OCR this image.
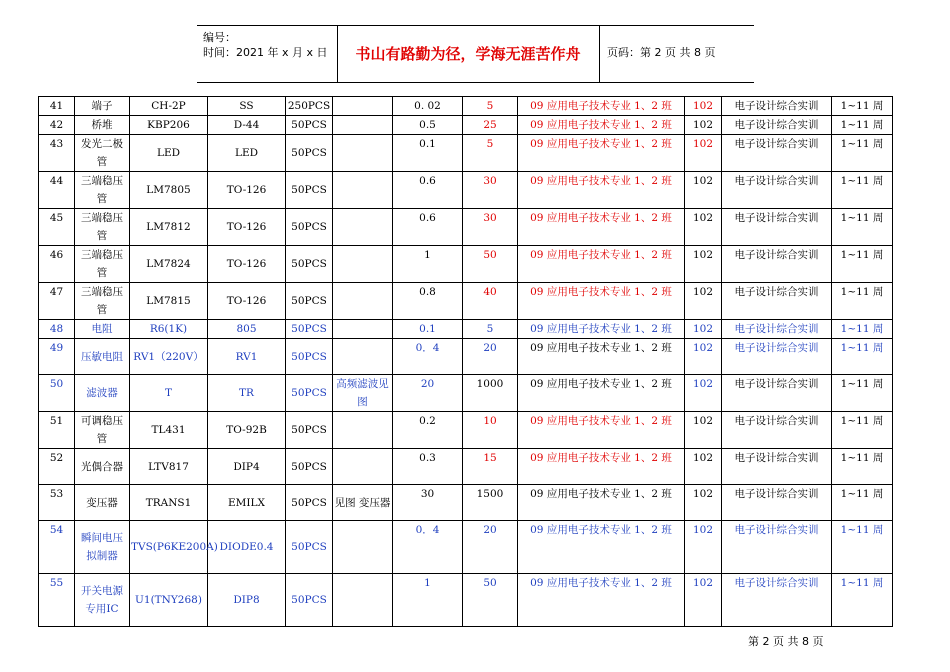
编号：
时间：2021 年 x 月 x 日	书山有路勤为径，学海无涯苦作舟	页码：第 2 页 共 8 页
41	端子	CH-2P	SS	250PCS		0. 02	5	09 应用电子技术专业 1、2 班	102	电子设计综合实训	1~11 周
42	桥堆	KBP206	D-44	50PCS		0.5	25	09 应用电子技术专业 1、2 班	102	电子设计综合实训	1~11 周
43	发光二极管	LED	LED	50PCS		0.1	5	09 应用电子技术专业 1、2 班	102	电子设计综合实训	1~11 周
44	三端稳压管	LM7805	TO-126	50PCS		0.6	30	09 应用电子技术专业 1、2 班	102	电子设计综合实训	1~11 周
45	三端稳压管	LM7812	TO-126	50PCS		0.6	30	09 应用电子技术专业 1、2 班	102	电子设计综合实训	1~11 周
46	三端稳压管	LM7824	TO-126	50PCS		1	50	09 应用电子技术专业 1、2 班	102	电子设计综合实训	1~11 周
47	三端稳压管	LM7815	TO-126	50PCS		0.8	40	09 应用电子技术专业 1、2 班	102	电子设计综合实训	1~11 周
48	电阻	R6(1K)	805	50PCS		0.1	5	09 应用电子技术专业 1、2 班	102	电子设计综合实训	1~11 周
49	压敏电阻	RV1（220V）	RV1	50PCS		0．4	20	09 应用电子技术专业 1、2 班	102	电子设计综合实训	1~11 周
50	滤波器	T	TR	50PCS	高频滤波见图	20	1000	09 应用电子技术专业 1、2 班	102	电子设计综合实训	1~11 周
51	可调稳压管	TL431	TO-92B	50PCS		0.2	10	09 应用电子技术专业 1、2 班	102	电子设计综合实训	1~11 周
52	光偶合器	LTV817	DIP4	50PCS		0.3	15	09 应用电子技术专业 1、2 班	102	电子设计综合实训	1~11 周
53	变压器	TRANS1	EMILX	50PCS	见图 变压器	30	1500	09 应用电子技术专业 1、2 班	102	电子设计综合实训	1~11 周
54	瞬间电压拟制器	TVS(P6KE200A)	DIODE0.4	50PCS		0．4	20	09 应用电子技术专业 1、2 班	102	电子设计综合实训	1~11 周
55	开关电源专用IC	U1(TNY268)	DIP8	50PCS		1	50	09 应用电子技术专业 1、2 班	102	电子设计综合实训	1~11 周
第 2 页 共 8 页
